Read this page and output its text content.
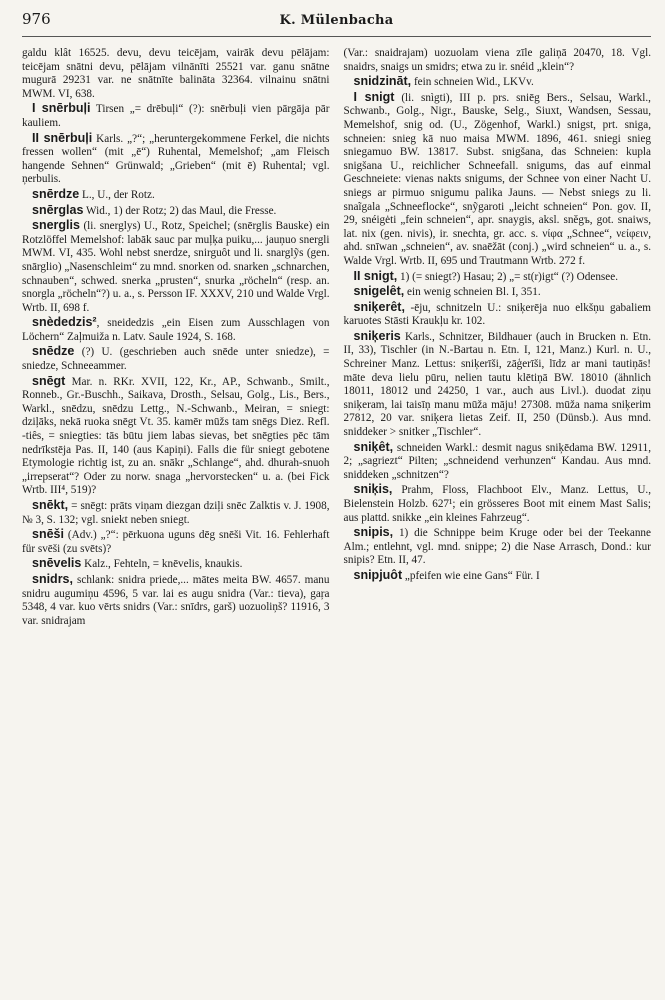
976	K. Mülenbacha

galdu klât 16525. devu, devu teicējam, vairāk devu pēlājam: teicējam snātni devu, pēlājam vilnānīti 25521 var. ganu snātne mugurā 29231 var. ne snātnīte balināta 32364. vilnainu snātni MWM. VI, 638.

I snērbuļi Tirsen „= drēbuļi“ (?): snērbuļi vien pārgāja pār kauliem.

II snērbuļi Karls. „?“; „heruntergekommene Ferkel, die nichts fressen wollen“ (mit „ē“) Ruhental, Memelshof; „am Fleisch hangende Sehnen“ Grünwald; „Grieben“ (mit ē) Ruhental; vgl. ņerbulis.

snērdze L., U., der Rotz.

snērglas Wid., 1) der Rotz; 2) das Maul, die Fresse.

snerglis (li. snerglys) U., Rotz, Speichel; (snērglis Bauske) ein Rotzlöffel Memelshof: labāk sauc par muļķa puiku,... jauņuo snergli MWM. VI, 435. Wohl nebst snerdze, snirguôt und li. snarglỹs (gen. snārglio) „Nasenschleim“ zu mnd. snorken od. snarken „schnarchen, schnauben“, schwed. snerka „prusten“, snurka „röcheln“ (resp. an. snorgla „röcheln“?) u. a., s. Persson IF. XXXV, 210 und Walde Vrgl. Wrtb. II, 698 f.

snèdedzis², sneidedzis „ein Eisen zum Ausschlagen von Löchern“ Zaļmuiža n. Latv. Saule 1924, S. 168.

snēdze (?) U. (geschrieben auch snēde unter sniedze), = sniedze, Schneeammer.

snēgt Mar. n. RKr. XVII, 122, Kr., AP., Schwanb., Smilt., Ronneb., Gr.-Buschh., Saikava, Drosth., Selsau, Golg., Lis., Bers., Warkl., snēdzu, snēdzu Lettg., N.-Schwanb., Meiran, = sniegt: dziļāks, nekā ruoka snēgt Vt. 35. kamēr mūžs tam snēgs Diez. Refl. -tiês, = sniegties: tās būtu jiem labas sievas, bet snēgties pēc tām nedrīkstēja Pas. II, 140 (aus Kapiņi). Falls die für sniegt gebotene Etymologie richtig ist, zu an. snākr „Schlange“, ahd. dhurah-snuoh „irrepserat“? Oder zu norw. snaga „hervorstecken“ u. a. (bei Fick Wrtb. III⁴, 519)?

snēkt, = snēgt: prāts viņam diezgan dziļi snēc Zalktis v. J. 1908, № 3, S. 132; vgl. sniekt neben sniegt.

snēši (Adv.) „?“: pērkuona uguns dēg snēši Vit. 16. Fehlerhaft für svēši (zu svēts)?

snēvelis Kalz., Fehteln, = knēvelis, knaukis.

snidrs, schlank: snidra priede,... mātes meita BW. 4657. manu snidru augumiņu 4596, 5 var. lai es augu snidra (Var.: tieva), gaŗa 5348, 4 var. kuo vērts snidrs (Var.: snīdrs, garš) uozuoliņš? 11916, 3 var. snidrajam

(Var.: snaidrajam) uozuolam viena zīle galiņā 20470, 18. Vgl. snaidrs, snaigs un smidrs; etwa zu ir. snéid „klein“?

snidzināt, fein schneien Wid., LKVv.

I snigt (li. snìgti), III p. prs. sniēg Bers., Selsau, Warkl., Schwanb., Golg., Nigr., Bauske, Selg., Siuxt, Wandsen, Sessau, Memelshof, snig od. (U., Zögenhof, Warkl.) snigst, prt. sniga, schneien: snieg kā nuo maisa MWM. 1896, 461. sniegi snieg sniegamuo BW. 13817. Subst. snigšana, das Schneien: kupla snigšana U., reichlicher Schneefall. snigums, das auf einmal Geschneiete: vienas nakts snigums, der Schnee von einer Nacht U. sniegs ar pirmuo snigumu palika Jauns. — Nebst sniegs zu li. snaĩgala „Schneeflocke“, snỹgaroti „leicht schneien“ Pon. gov. II, 29, snéigėti „fein schneien“, apr. snaygis, aksl. snĕgъ, got. snaiws, lat. nix (gen. nivis), ir. snechta, gr. acc. s. νίφα „Schnee“, νείφειν, ahd. snīwan „schneien“, av. snaēžāt (conj.) „wird schneien“ u. a., s. Walde Vrgl. Wrtb. II, 695 und Trautmann Wrtb. 272 f.

II snigt, 1) (= sniegt?) Hasau; 2) „= st(r)igt“ (?) Odensee.

snigelêt, ein wenig schneien Bl. I, 351.

sniķerêt, -ēju, schnitzeln U.: sniķerēja nuo elkšņu gabaliem karuotes Stāsti Kraukļu kr. 102.

sniķeris Karls., Schnitzer, Bildhauer (auch in Brucken n. Etn. II, 33), Tischler (in N.-Bartau n. Etn. I, 121, Manz.) Kurl. n. U., Schreiner Manz. Lettus: sniķerīši, zāģerīši, līdz ar mani tautiņās! māte deva lielu pūru, nelien tautu klētiņā BW. 18010 (ähnlich 18011, 18012 und 24250, 1 var., auch aus Livl.). duodat ziņu sniķeram, lai taisīņ manu mūža māju! 27308. mūža nama sniķerim 27812, 20 var. sniķera lietas Zeif. II, 250 (Dünsb.). Aus mnd. sniddeker > snitker „Tischler“.

sniķêt, schneiden Warkl.: desmit nagus sniķēdama BW. 12911, 2; „sagriezt“ Pilten; „schneidend verhunzen“ Kandau. Aus mnd. sniddeken „schnitzen“?

sniķis, Prahm, Floss, Flachboot Elv., Manz. Lettus, U., Bielenstein Holzb. 627¹; ein grösseres Boot mit einem Mast Salis; aus plattd. snikke „ein kleines Fahrzeug“.

snipis, 1) die Schnippe beim Kruge oder bei der Teekanne Alm.; entlehnt, vgl. mnd. snippe; 2) die Nase Arrasch, Dond.: kur snipis? Etn. II, 47.

snipjuôt „pfeifen wie eine Gans“ Für. I
